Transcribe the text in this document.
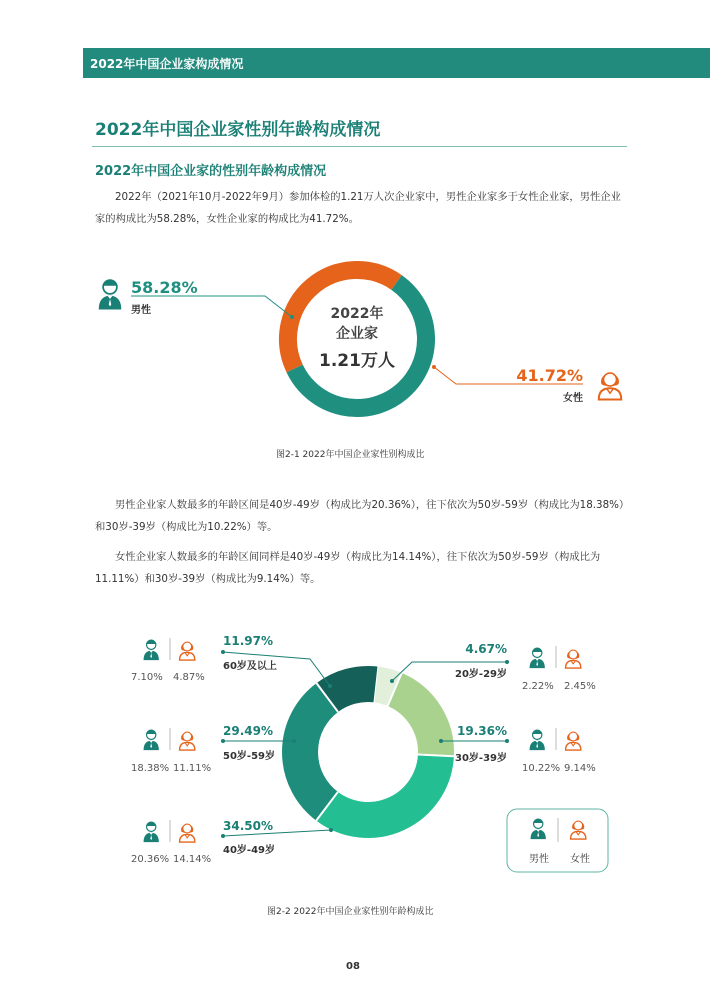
2022年中国企业家构成情况
2022年中国企业家性别年龄构成情况
2022年中国企业家的性别年龄构成情况

2022年（2021年10月-2022年9月）参加体检的1.21万人次企业家中，男性企业家多于女性企业家，男性企业家的构成比为58.28%，女性企业家的构成比为41.72%。

2022年
企业家
1.21万人
58.28%
男性
41.72%
女性
图2-1 2022年中国企业家性别构成比

男性企业家人数最多的年龄区间是40岁-49岁（构成比为20.36%），往下依次为50岁-59岁（构成比为18.38%）和30岁-39岁（构成比为10.22%）等。

女性企业家人数最多的年龄区间同样是40岁-49岁（构成比为14.14%），往下依次为50岁-59岁（构成比为11.11%）和30岁-39岁（构成比为9.14%）等。

4.67%
20岁-29岁
2.22% 2.45%
19.36%
30岁-39岁
10.22% 9.14%
34.50%
40岁-49岁
20.36% 14.14%
29.49%
50岁-59岁
18.38% 11.11%
11.97%
60岁及以上
7.10% 4.87%
男性 女性
图2-2 2022年中国企业家性别年龄构成比
08
